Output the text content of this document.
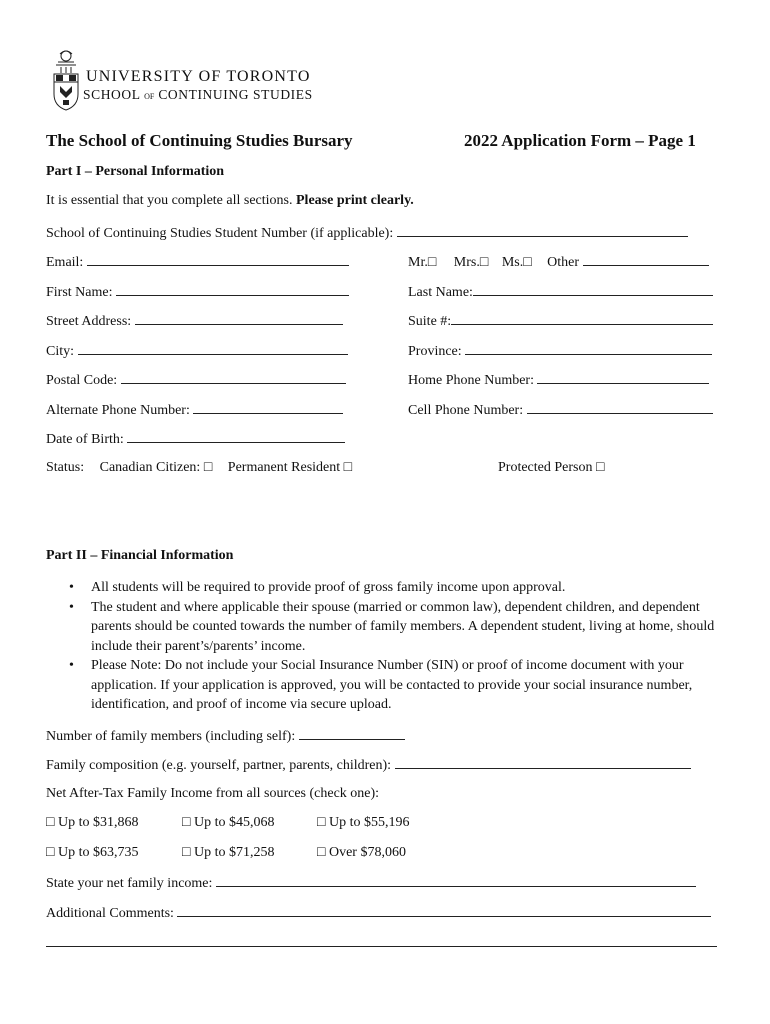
UNIVERSITY OF TORONTO
SCHOOL OF CONTINUING STUDIES
The School of Continuing Studies Bursary	2022 Application Form – Page 1
Part I – Personal Information
It is essential that you complete all sections. Please print clearly.
School of Continuing Studies Student Number (if applicable):
Email:	Mr.□ Mrs.□ Ms.□ Other
First Name:	Last Name:
Street Address:	Suite #:
City:	Province:
Postal Code:	Home Phone Number:
Alternate Phone Number:	Cell Phone Number:
Date of Birth:
Status: Canadian Citizen: □ Permanent Resident □	Protected Person □
Part II – Financial Information
• All students will be required to provide proof of gross family income upon approval.
• The student and where applicable their spouse (married or common law), dependent children, and dependent parents should be counted towards the number of family members. A dependent student, living at home, should include their parent’s/parents’ income.
• Please Note: Do not include your Social Insurance Number (SIN) or proof of income document with your application. If your application is approved, you will be contacted to provide your social insurance number, identification, and proof of income via secure upload.
Number of family members (including self):
Family composition (e.g. yourself, partner, parents, children):
Net After-Tax Family Income from all sources (check one):
□ Up to $31,868	□ Up to $45,068	□ Up to $55,196
□ Up to $63,735	□ Up to $71,258	□ Over $78,060
State your net family income:
Additional Comments:
